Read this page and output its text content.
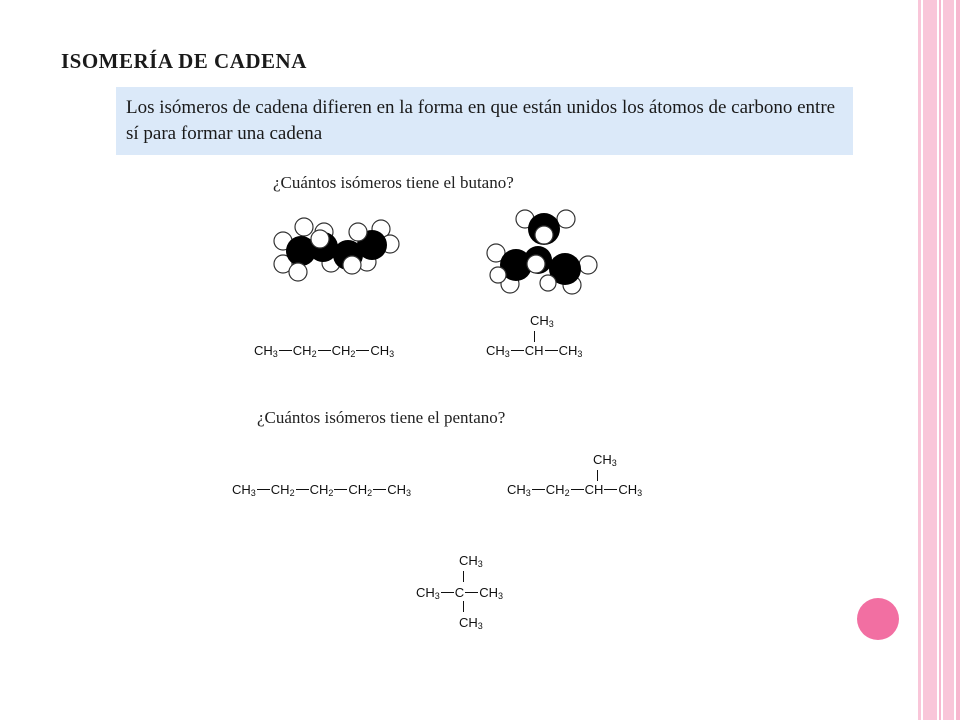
ISOMERÍA DE CADENA
Los isómeros de cadena difieren en la forma en que están unidos los átomos de carbono entre sí para formar una cadena
¿Cuántos isómeros tiene el butano?
$CH_3$ $CH_2$ $CH_2$ $CH_3$
$CH_3$
$CH_3$ CH $CH_3$
¿Cuántos isómeros tiene el pentano?
$CH_3$ $CH_2$ $CH_2$ $CH_2$ $CH_3$
$CH_3$
$CH_3$ $CH_2$ CH $CH_3$
$CH_3$
$CH_3$ C $CH_3$
$CH_3$
